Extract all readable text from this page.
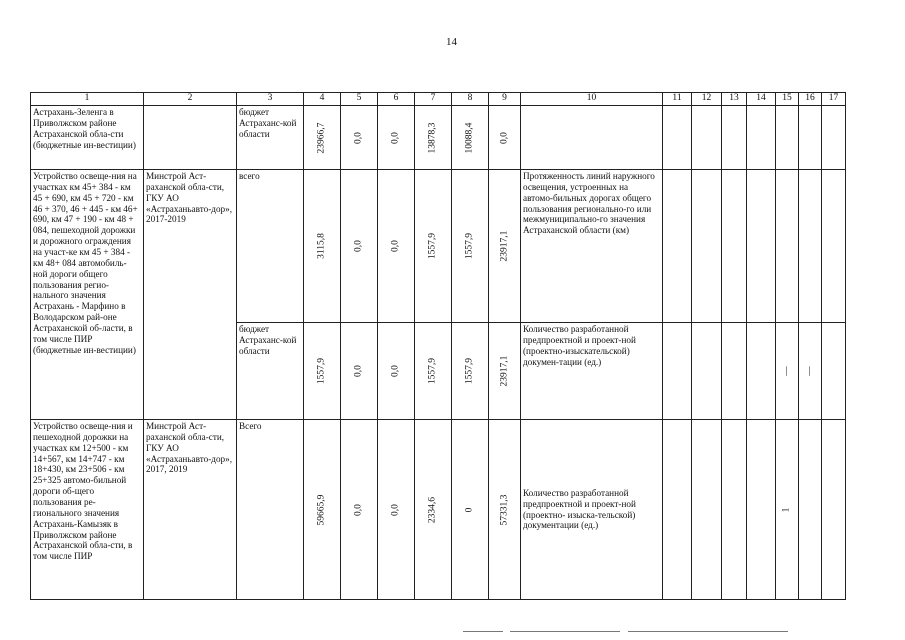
14
1	2	3	4	5	6	7	8	9	10	11	12	13	14	15	16	17
Астрахань-Зеленга в Приволжском районе Астраханской обла-сти (бюджетные ин-вестиции)		бюджет Астраханс-кой области	23966,7	0,0	0,0	13878,3	10088,4	0,0								

Устройство освеще-ния на участках км 45+ 384 - км 45 + 690, км 45 + 720 - км 46 + 370, 46 + 445 - км 46+ 690, км 47 + 190 - км 48 + 084, пешеходной дорожки и дорожного ограждения на участ-ке км 45 + 384 - км 48+ 084 автомобиль-ной дороги общего пользования регио-нального значения Астрахань - Марфино в Володарском рай-оне Астраханской об-ласти, в том числе ПИР (бюджетные ин-вестиции)	Минстрой Аст-раханской обла-сти, ГКУ АО «Астраханьавто-дор», 2017-2019	всего	3115,8	0,0	0,0	1557,9	1557,9	23917,1	Протяженность линий наружного освещения, устроенных на автомо-бильных дорогах общего пользования регионально-го или межмуниципально-го значения Астраханской области (км)							
		бюджет Астраханс-кой области	1557,9	0,0	0,0	1557,9	1557,9	23917,1	Количество разработанной предпроектной и проект-ной (проектно-изыскательской) докумен-тации (ед.)					—	—	

Устройство освеще-ния и пешеходной дорожки на участках км 12+500 - км 14+567, км 14+747 - км 18+430, км 23+506 - км 25+325 автомо-бильной дороги об-щего пользования ре-гионального значения Астрахань-Камызяк в Приволжском районе Астраханской обла-сти, в том числе ПИР	Минстрой Аст-раханской обла-сти, ГКУ АО «Астраханьавто-дор», 2017, 2019	Всего	59665,9	0,0	0,0	2334,6	0	57331,3	Количество разработанной предпроектной и проект-ной (проектно- изыска-тельской) документации (ед.)					1		
